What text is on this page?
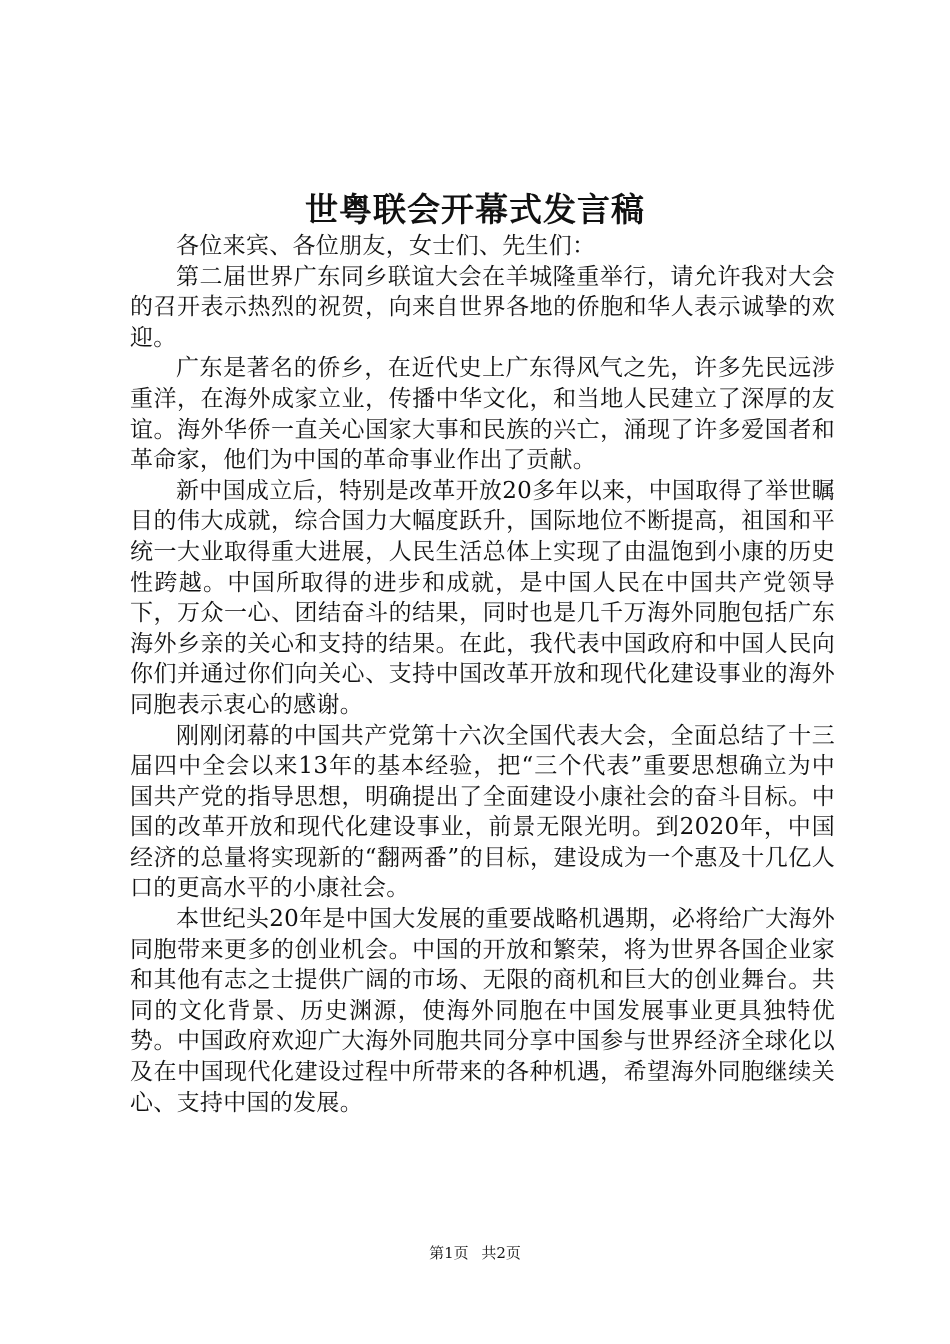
世粤联会开幕式发言稿

各位来宾、各位朋友，女士们、先生们：

第二届世界广东同乡联谊大会在羊城隆重举行，请允许我对大会的召开表示热烈的祝贺，向来自世界各地的侨胞和华人表示诚挚的欢迎。

广东是著名的侨乡，在近代史上广东得风气之先，许多先民远涉重洋，在海外成家立业，传播中华文化，和当地人民建立了深厚的友谊。海外华侨一直关心国家大事和民族的兴亡，涌现了许多爱国者和革命家，他们为中国的革命事业作出了贡献。

新中国成立后，特别是改革开放20多年以来，中国取得了举世瞩目的伟大成就，综合国力大幅度跃升，国际地位不断提高，祖国和平统一大业取得重大进展，人民生活总体上实现了由温饱到小康的历史性跨越。中国所取得的进步和成就，是中国人民在中国共产党领导下，万众一心、团结奋斗的结果，同时也是几千万海外同胞包括广东海外乡亲的关心和支持的结果。在此，我代表中国政府和中国人民向你们并通过你们向关心、支持中国改革开放和现代化建设事业的海外同胞表示衷心的感谢。

刚刚闭幕的中国共产党第十六次全国代表大会，全面总结了十三届四中全会以来13年的基本经验，把“三个代表”重要思想确立为中国共产党的指导思想，明确提出了全面建设小康社会的奋斗目标。中国的改革开放和现代化建设事业，前景无限光明。到2020年，中国经济的总量将实现新的“翻两番”的目标，建设成为一个惠及十几亿人口的更高水平的小康社会。

本世纪头20年是中国大发展的重要战略机遇期，必将给广大海外同胞带来更多的创业机会。中国的开放和繁荣，将为世界各国企业家和其他有志之士提供广阔的市场、无限的商机和巨大的创业舞台。共同的文化背景、历史渊源，使海外同胞在中国发展事业更具独特优势。中国政府欢迎广大海外同胞共同分享中国参与世界经济全球化以及在中国现代化建设过程中所带来的各种机遇，希望海外同胞继续关心、支持中国的发展。

第1页 共2页
